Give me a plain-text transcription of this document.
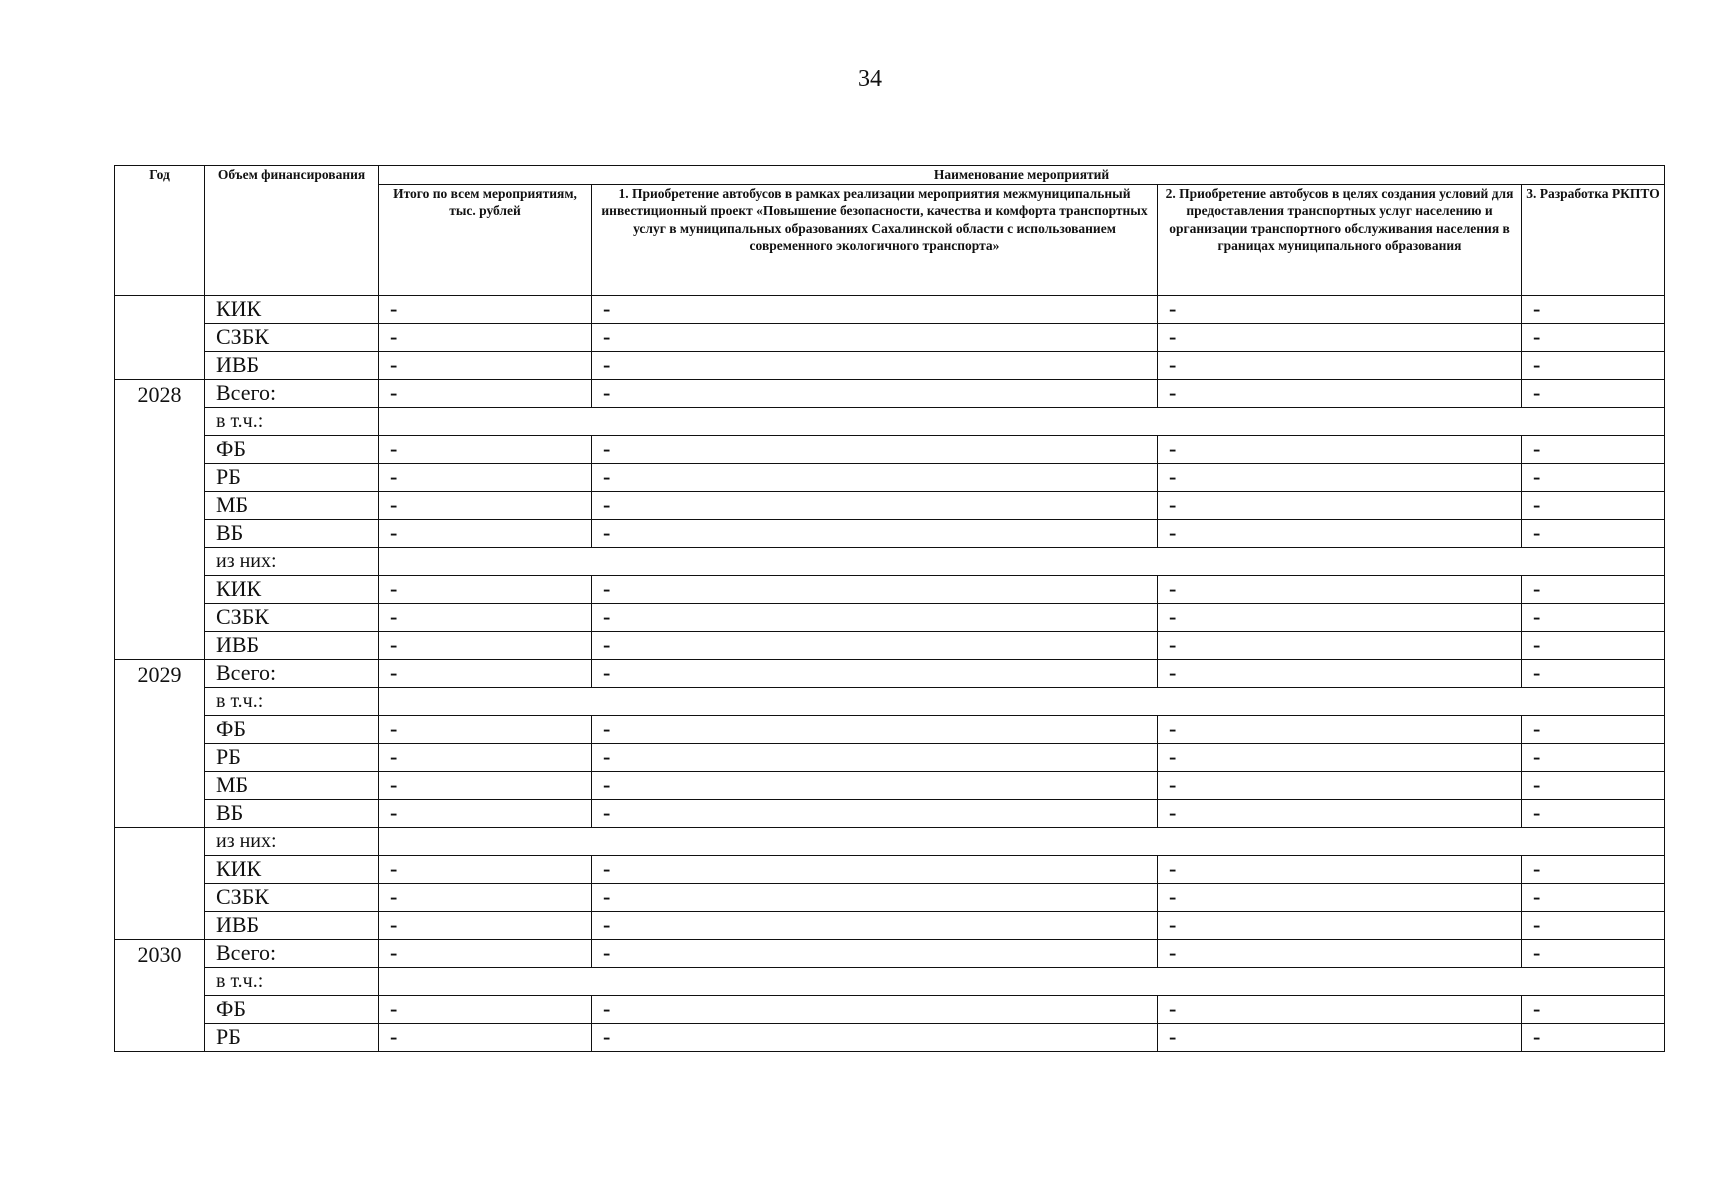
34
Год	Объем финансирования	Наименование мероприятий			
		Итого по всем мероприятиям, тыс. рублей	1. Приобретение автобусов в рамках реализации мероприятия межмуниципальный инвестиционный проект «Повышение безопасности, качества и комфорта транспортных услуг в муниципальных образованиях Сахалинской области с использованием современного экологичного транспорта»	2. Приобретение автобусов в целях создания условий для предоставления транспортных услуг населению и организации транспортного обслуживания населения в границах муниципального образования	3. Разработка РКПТО
	КИК	-	-	-	-
	СЗБК	-	-	-	-
	ИВБ	-	-	-	-
2028	Всего:	-	-	-	-
	в т.ч.:				
	ФБ	-	-	-	-
	РБ	-	-	-	-
	МБ	-	-	-	-
	ВБ	-	-	-	-
	из них:				
	КИК	-	-	-	-
	СЗБК	-	-	-	-
	ИВБ	-	-	-	-
2029	Всего:	-	-	-	-
	в т.ч.:				
	ФБ	-	-	-	-
	РБ	-	-	-	-
	МБ	-	-	-	-
	ВБ	-	-	-	-
	из них:				
	КИК	-	-	-	-
	СЗБК	-	-	-	-
	ИВБ	-	-	-	-
2030	Всего:	-	-	-	-
	в т.ч.:				
	ФБ	-	-	-	-
	РБ	-	-	-	-
